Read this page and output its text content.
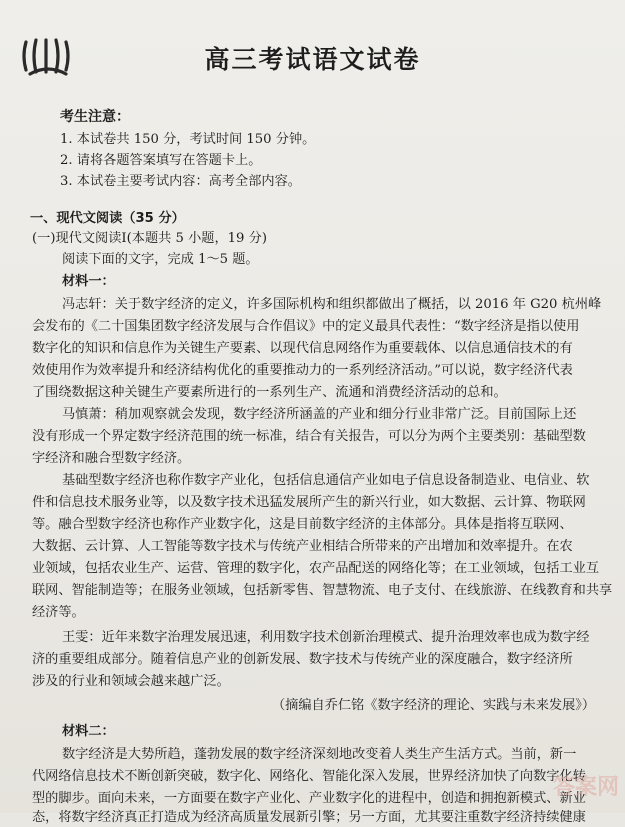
高三考试语文试卷
考生注意：
1. 本试卷共 150 分，考试时间 150 分钟。
2. 请将各题答案填写在答题卡上。
3. 本试卷主要考试内容：高考全部内容。
一、现代文阅读（35 分）
(一)现代文阅读Ⅰ(本题共 5 小题，19 分)
阅读下面的文字，完成 1～5 题。
材料一：
冯志轩：关于数字经济的定义，许多国际机构和组织都做出了概括，以 2016 年 G20 杭州峰
会发布的《二十国集团数字经济发展与合作倡议》中的定义最具代表性：“数字经济是指以使用
数字化的知识和信息作为关键生产要素、以现代信息网络作为重要载体、以信息通信技术的有
效使用作为效率提升和经济结构优化的重要推动力的一系列经济活动。”可以说，数字经济代表
了围绕数据这种关键生产要素所进行的一系列生产、流通和消费经济活动的总和。
马慎萧：稍加观察就会发现，数字经济所涵盖的产业和细分行业非常广泛。目前国际上还
没有形成一个界定数字经济范围的统一标准，结合有关报告，可以分为两个主要类别：基础型数
字经济和融合型数字经济。
基础型数字经济也称作数字产业化，包括信息通信产业如电子信息设备制造业、电信业、软
件和信息技术服务业等，以及数字技术迅猛发展所产生的新兴行业，如大数据、云计算、物联网
等。融合型数字经济也称作产业数字化，这是目前数字经济的主体部分。具体是指将互联网、
大数据、云计算、人工智能等数字技术与传统产业相结合所带来的产出增加和效率提升。在农
业领域，包括农业生产、运营、管理的数字化，农产品配送的网络化等；在工业领域，包括工业互
联网、智能制造等；在服务业领域，包括新零售、智慧物流、电子支付、在线旅游、在线教育和共享
经济等。
王雯：近年来数字治理发展迅速，利用数字技术创新治理模式、提升治理效率也成为数字经
济的重要组成部分。随着信息产业的创新发展、数字技术与传统产业的深度融合，数字经济所
涉及的行业和领域会越来越广泛。
（摘编自乔仁铭《数字经济的理论、实践与未来发展》）
材料二：
数字经济是大势所趋，蓬勃发展的数字经济深刻地改变着人类生产生活方式。当前，新一
代网络信息技术不断创新突破，数字化、网络化、智能化深入发展，世界经济加快了向数字化转
型的脚步。面向未来，一方面要在数字产业化、产业数字化的进程中，创造和拥抱新模式、新业
态，将数字经济真正打造成为经济高质量发展新引擎；另一方面，尤其要注重数字经济持续健康
答案网
